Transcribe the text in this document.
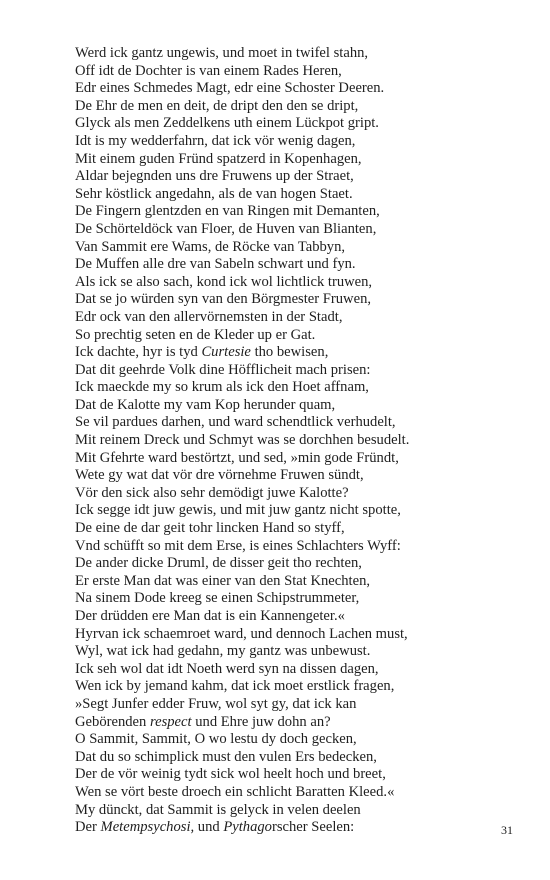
Werd ick gantz ungewis, und moet in twifel stahn,
Off idt de Dochter is van einem Rades Heren,
Edr eines Schmedes Magt, edr eine Schoster Deeren.
De Ehr de men en deit, de dript den den se dript,
Glyck als men Zeddelkens uth einem Lückpot gript.
Idt is my wedderfahrn, dat ick vör wenig dagen,
Mit einem guden Fründ spatzerd in Kopenhagen,
Aldar bejegnden uns dre Fruwens up der Straet,
Sehr köstlick angedahn, als de van hogen Staet.
De Fingern glentzden en van Ringen mit Demanten,
De Schörteldöck van Floer, de Huven van Blianten,
Van Sammit ere Wams, de Röcke van Tabbyn,
De Muffen alle dre van Sabeln schwart und fyn.
Als ick se also sach, kond ick wol lichtlick truwen,
Dat se jo würden syn van den Börgmester Fruwen,
Edr ock van den allervörnemsten in der Stadt,
So prechtig seten en de Kleder up er Gat.
Ick dachte, hyr is tyd Curtesie tho bewisen,
Dat dit geehrde Volk dine Höfflicheit mach prisen:
Ick maeckde my so krum als ick den Hoet affnam,
Dat de Kalotte my vam Kop herunder quam,
Se vil pardues darhen, und ward schendtlick verhudelt,
Mit reinem Dreck und Schmyt was se dorchhen besudelt.
Mit Gfehrte ward bestörtzt, und sed, »min gode Fründt,
Wete gy wat dat vör dre vörnehme Fruwen sündt,
Vör den sick also sehr demödigt juwe Kalotte?
Ick segge idt juw gewis, und mit juw gantz nicht spotte,
De eine de dar geit tohr lincken Hand so styff,
Vnd schüfft so mit dem Erse, is eines Schlachters Wyff:
De ander dicke Druml, de disser geit tho rechten,
Er erste Man dat was einer van den Stat Knechten,
Na sinem Dode kreeg se einen Schipstrummeter,
Der drüdden ere Man dat is ein Kannengeter.«
Hyrvan ick schaemroet ward, und dennoch Lachen must,
Wyl, wat ick had gedahn, my gantz was unbewust.
Ick seh wol dat idt Noeth werd syn na dissen dagen,
Wen ick by jemand kahm, dat ick moet erstlick fragen,
»Segt Junfer edder Fruw, wol syt gy, dat ick kan
Gebörenden respect und Ehre juw dohn an?
O Sammit, Sammit, O wo lestu dy doch gecken,
Dat du so schimplick must den vulen Ers bedecken,
Der de vör weinig tydt sick wol heelt hoch und breet,
Wen se vört beste droech ein schlicht Baratten Kleed.«
My dünckt, dat Sammit is gelyck in velen deelen
Der Metempsychosi, und Pythagorscher Seelen:	31
